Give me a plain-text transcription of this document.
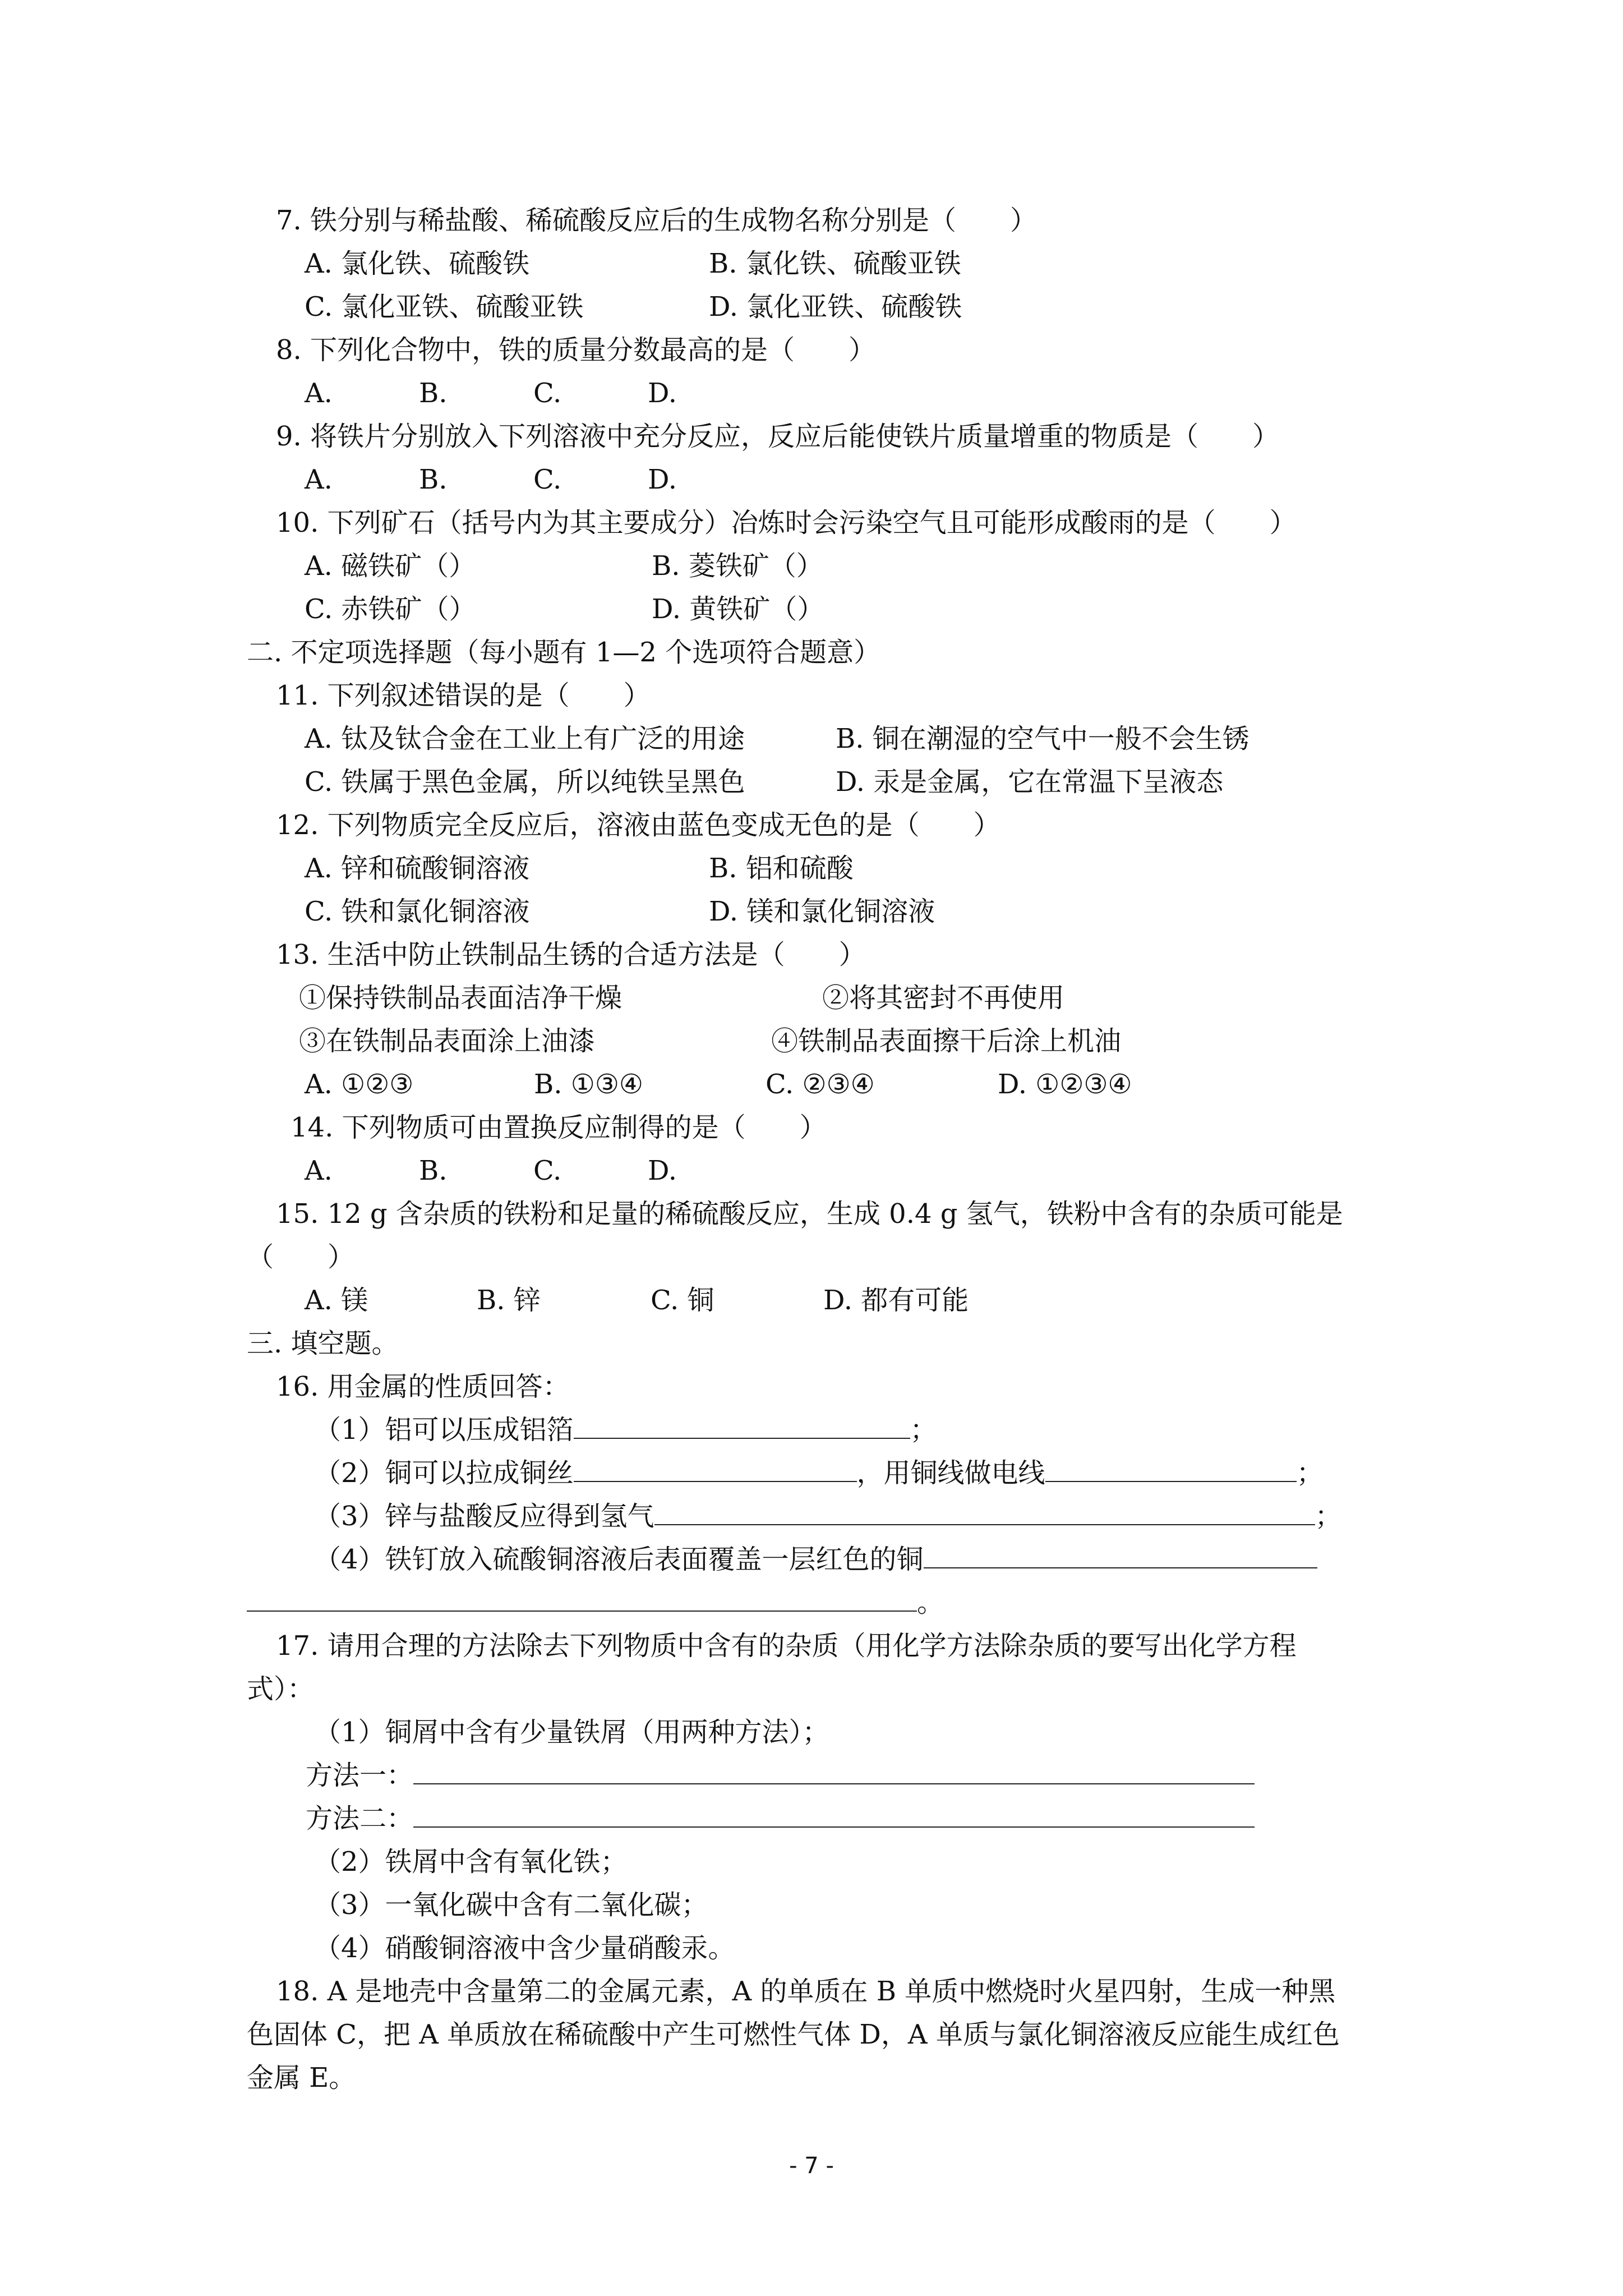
7. 铁分别与稀盐酸、稀硫酸反应后的生成物名称分别是（　　）
A. 氯化铁、硫酸铁	B. 氯化铁、硫酸亚铁
C. 氯化亚铁、硫酸亚铁	D. 氯化亚铁、硫酸铁
8. 下列化合物中，铁的质量分数最高的是（　　）
A.	B.	C.	D.
9. 将铁片分别放入下列溶液中充分反应，反应后能使铁片质量增重的物质是（　　）
A.	B.	C.	D.
10. 下列矿石（括号内为其主要成分）冶炼时会污染空气且可能形成酸雨的是（　　）
A. 磁铁矿（）	B. 菱铁矿（）
C. 赤铁矿（）	D. 黄铁矿（）
二. 不定项选择题（每小题有 1—2 个选项符合题意）
11. 下列叙述错误的是（　　）
A. 钛及钛合金在工业上有广泛的用途	B. 铜在潮湿的空气中一般不会生锈
C. 铁属于黑色金属，所以纯铁呈黑色	D. 汞是金属，它在常温下呈液态
12. 下列物质完全反应后，溶液由蓝色变成无色的是（　　）
A. 锌和硫酸铜溶液	B. 铝和硫酸
C. 铁和氯化铜溶液	D. 镁和氯化铜溶液
13. 生活中防止铁制品生锈的合适方法是（　　）
①保持铁制品表面洁净干燥	②将其密封不再使用
③在铁制品表面涂上油漆	④铁制品表面擦干后涂上机油
A. ①②③	B. ①③④	C. ②③④	D. ①②③④
14. 下列物质可由置换反应制得的是（　　）
A.	B.	C.	D.
15. 12 g 含杂质的铁粉和足量的稀硫酸反应，生成 0.4 g 氢气，铁粉中含有的杂质可能是
（　　）
A. 镁	B. 锌	C. 铜	D. 都有可能
三. 填空题。
16. 用金属的性质回答：
（1）铝可以压成铝箔	；
（2）铜可以拉成铜丝	，用铜线做电线	；
（3）锌与盐酸反应得到氢气	；
（4）铁钉放入硫酸铜溶液后表面覆盖一层红色的铜
。
17. 请用合理的方法除去下列物质中含有的杂质（用化学方法除杂质的要写出化学方程
式）：
（1）铜屑中含有少量铁屑（用两种方法）；
方法一：
方法二：
（2）铁屑中含有氧化铁；
（3）一氧化碳中含有二氧化碳；
（4）硝酸铜溶液中含少量硝酸汞。
18. A 是地壳中含量第二的金属元素，A 的单质在 B 单质中燃烧时火星四射，生成一种黑
色固体 C，把 A 单质放在稀硫酸中产生可燃性气体 D，A 单质与氯化铜溶液反应能生成红色
金属 E。
- 7 -
